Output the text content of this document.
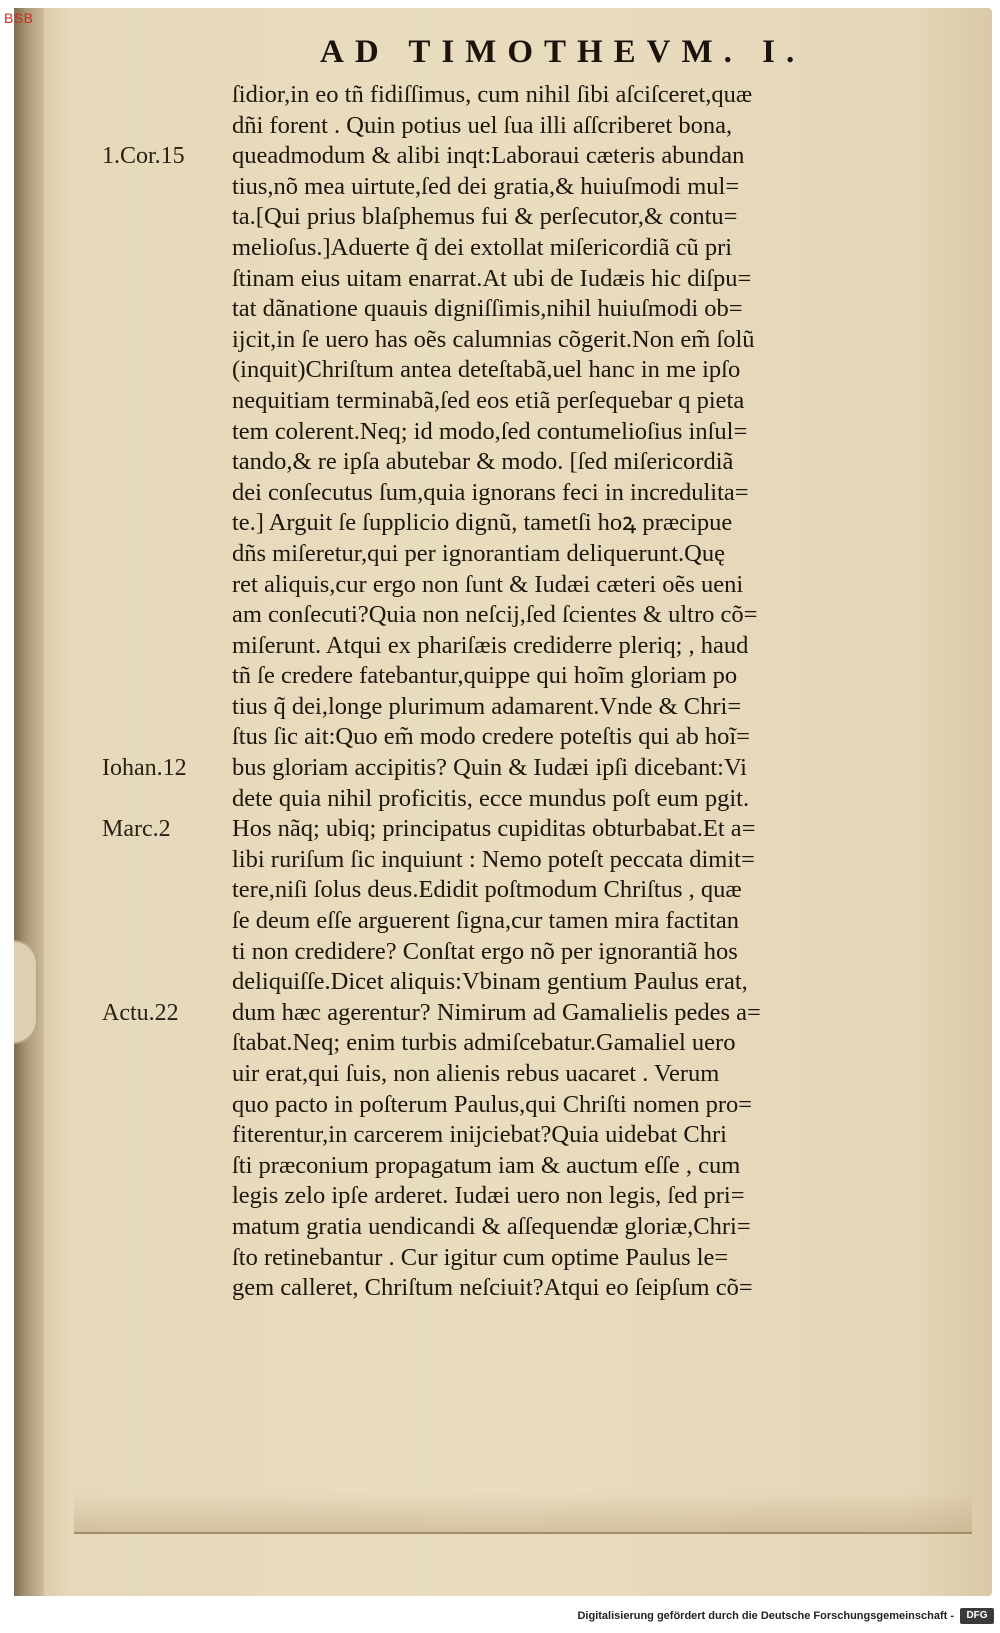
BSB
AD TIMOTHEVM. I.
1.Cor.15
Iohan.12
Marc.2
Actu.22
ſidior,in eo tñ fidiſſimus, cum nihil ſibi aſciſceret,quæ
dñi forent . Quin potius uel ſua illi aſſcriberet bona,
queadmodum & alibi inqt:Laboraui cæteris abundan
tius,nõ mea uirtute,ſed dei gratia,& huiuſmodi mul=
ta.[Qui prius blaſphemus fui & perſecutor,& contu=
melioſus.]Aduerte q̃ dei extollat miſericordiã cũ pri
ſtinam eius uitam enarrat.At ubi de Iudæis hic diſpu=
tat dãnatione quauis digniſſimis,nihil huiuſmodi ob=
ijcit,in ſe uero has oẽs calumnias cõgerit.Non em̃ ſolũ
(inquit)Chriſtum antea deteſtabã,uel hanc in me ipſo
nequitiam terminabã,ſed eos etiã perſequebar q pieta
tem colerent.Neq; id modo,ſed contumelioſius inſul=
tando,& re ipſa abutebar & modo. [ſed miſericordiã
dei conſecutus ſum,quia ignorans feci in incredulita=
te.] Arguit ſe ſupplicio dignũ, tametſi hoꝝ præcipue
dñs miſeretur,qui per ignorantiam deliquerunt.Quę
ret aliquis,cur ergo non ſunt & Iudæi cæteri oẽs ueni
am conſecuti?Quia non neſcij,ſed ſcientes & ultro cõ=
miſerunt. Atqui ex phariſæis crediderre pleriq; , haud
tñ ſe credere fatebantur,quippe qui hoĩm gloriam po
tius q̃ dei,longe plurimum adamarent.Vnde & Chri=
ſtus ſic ait:Quo em̃ modo credere poteſtis qui ab hoĩ=
bus gloriam accipitis? Quin & Iudæi ipſi dicebant:Vi
dete quia nihil proficitis, ecce mundus poſt eum pgit.
Hos nãq; ubiq; principatus cupiditas obturbabat.Et a=
libi ruriſum ſic inquiunt : Nemo poteſt peccata dimit=
tere,niſi ſolus deus.Edidit poſtmodum Chriſtus , quæ
ſe deum eſſe arguerent ſigna,cur tamen mira factitan
ti non credidere? Conſtat ergo nõ per ignorantiã hos
deliquiſſe.Dicet aliquis:Vbinam gentium Paulus erat,
dum hæc agerentur? Nimirum ad Gamalielis pedes a=
ſtabat.Neq; enim turbis admiſcebatur.Gamaliel uero
uir erat,qui ſuis, non alienis rebus uacaret . Verum
quo pacto in poſterum Paulus,qui Chriſti nomen pro=
fiterentur,in carcerem inijciebat?Quia uidebat Chri
ſti præconium propagatum iam & auctum eſſe , cum
legis zelo ipſe arderet. Iudæi uero non legis, ſed pri=
matum gratia uendicandi & aſſequendæ gloriæ,Chri=
ſto retinebantur . Cur igitur cum optime Paulus le=
gem calleret, Chriſtum neſciuit?Atqui eo ſeipſum cõ=
Digitalisierung gefördert durch die Deutsche Forschungsgemeinschaft -	DFG
